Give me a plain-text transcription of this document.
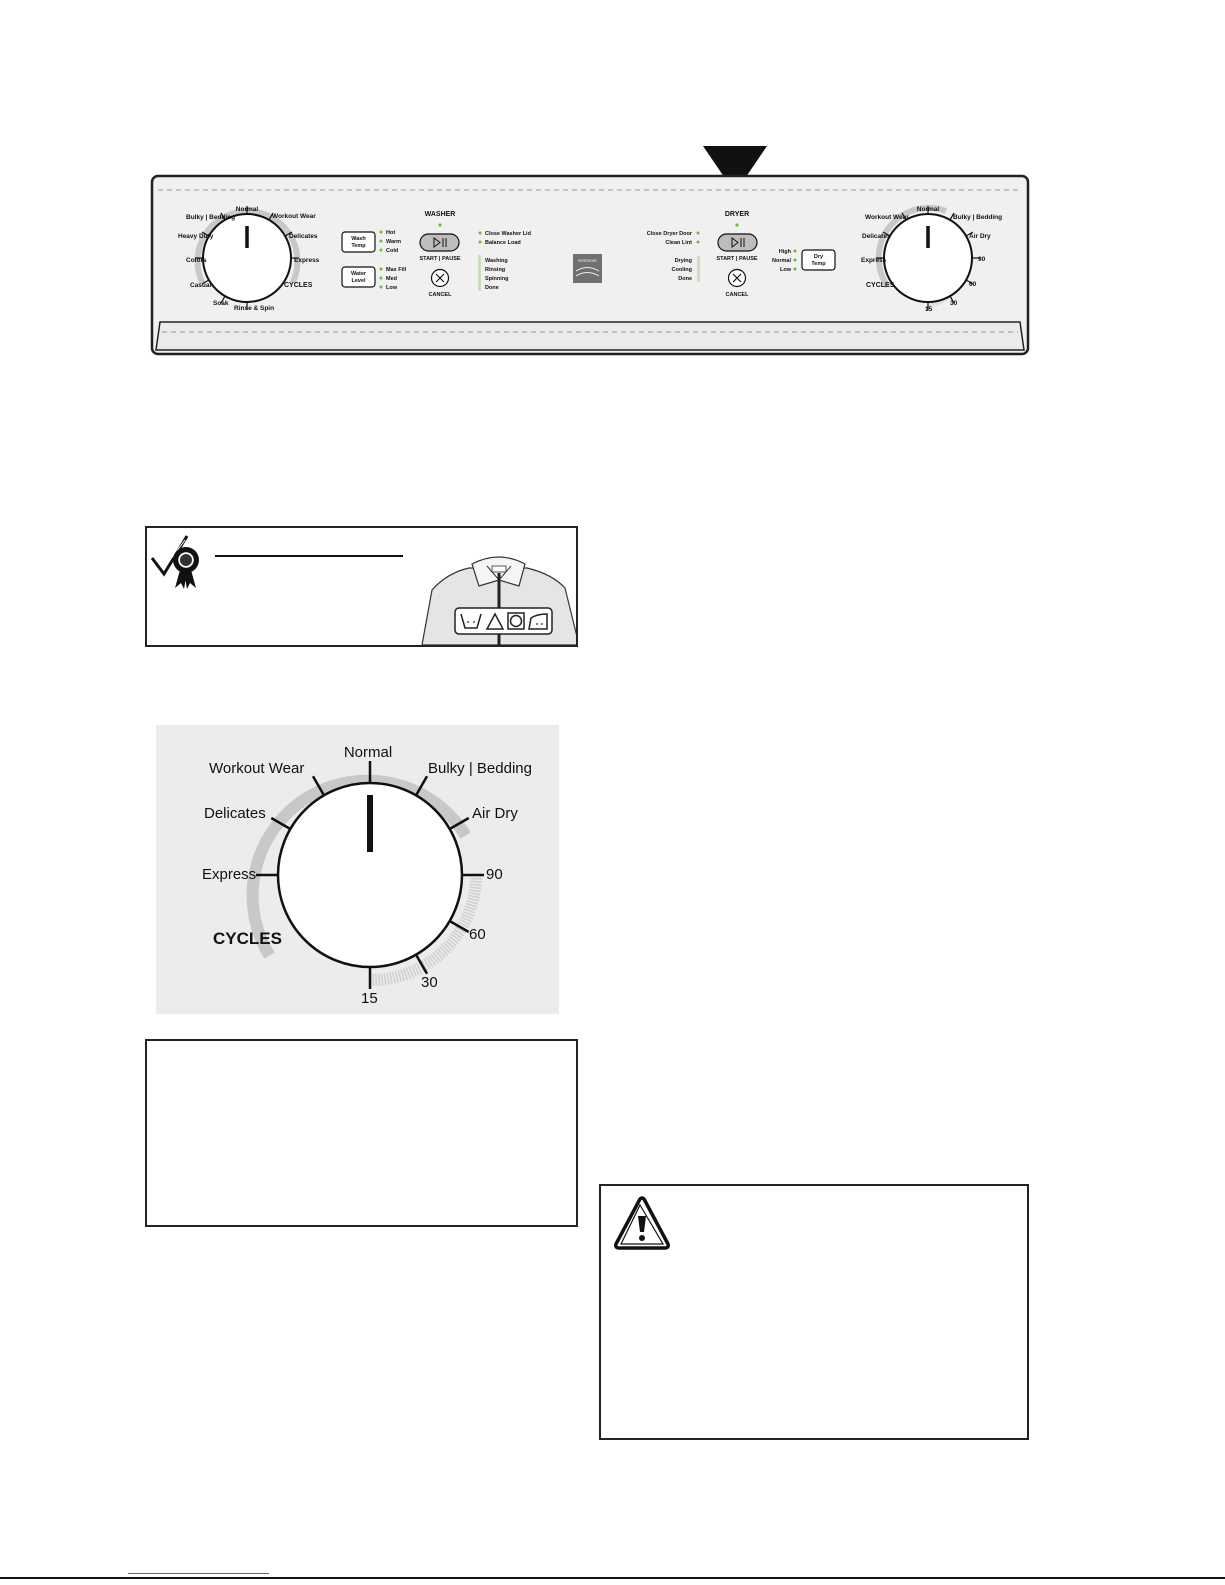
Normal
Workout Wear
Delicates
Express
Rinse & Spin
Soak
Casual
Colors
Heavy Duty
Bulky | Bedding
CYCLES
WASHER
Wash
Temp
Hot
Warm
Cold
Water
Level
Max Fill
Med
Low
START | PAUSE
CANCEL
Close Washer Lid
Balance Load
Washing
Rinsing
Spinning
Done
Kenmore
DRYER
Close Dryer Door
Clean Lint
Drying
Cooling
Done
START | PAUSE
CANCEL
High
Normal
Low
Dry
Temp
Normal
Bulky | Bedding
Air Dry
90
60
30
15
Express
Delicates
Workout Wear
CYCLES
Normal
Workout Wear	Bulky | Bedding
Delicates	Air Dry
Express	90
CYCLES	60
30
15
